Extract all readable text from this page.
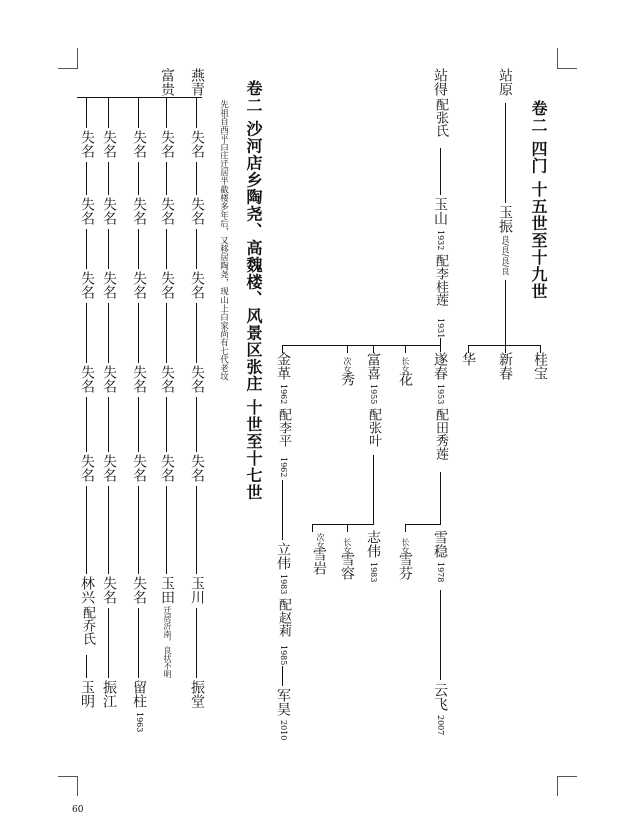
卷二 四门 十五世至十九世
站原
玉振
良/良/良/良
桂宝
新春
华
站得
配张氏
玉山
1932
配李桂莲
1931
遂春
1953
配田秀莲
雪稳
1978
云飞
2007
长女
雪芬
长女
花
富喜
1955
配张叶
志伟
1983
长女
雪容
次女
雪岩
次女
秀
金革
1962
配李平
1962
立伟
1983
配赵莉
1985
军昊
2010
卷二 沙河店乡陶尧、高魏楼、风景区张庄 十世至十七世
先祖自西平白庄迁居半截楼多年后，又移居陶尧，现山上白家尚有七代老坟
燕青
富贵
失名
失名
失名
失名
失名
玉川
振堂
失名
失名
失名
失名
失名
玉田
迁居沂南，良状不明
失名
失名
失名
失名
失名
失名
留柱
1963
失名
失名
失名
失名
失名
失名
振江
失名
失名
失名
失名
失名
林兴
配乔氏
玉明
60
